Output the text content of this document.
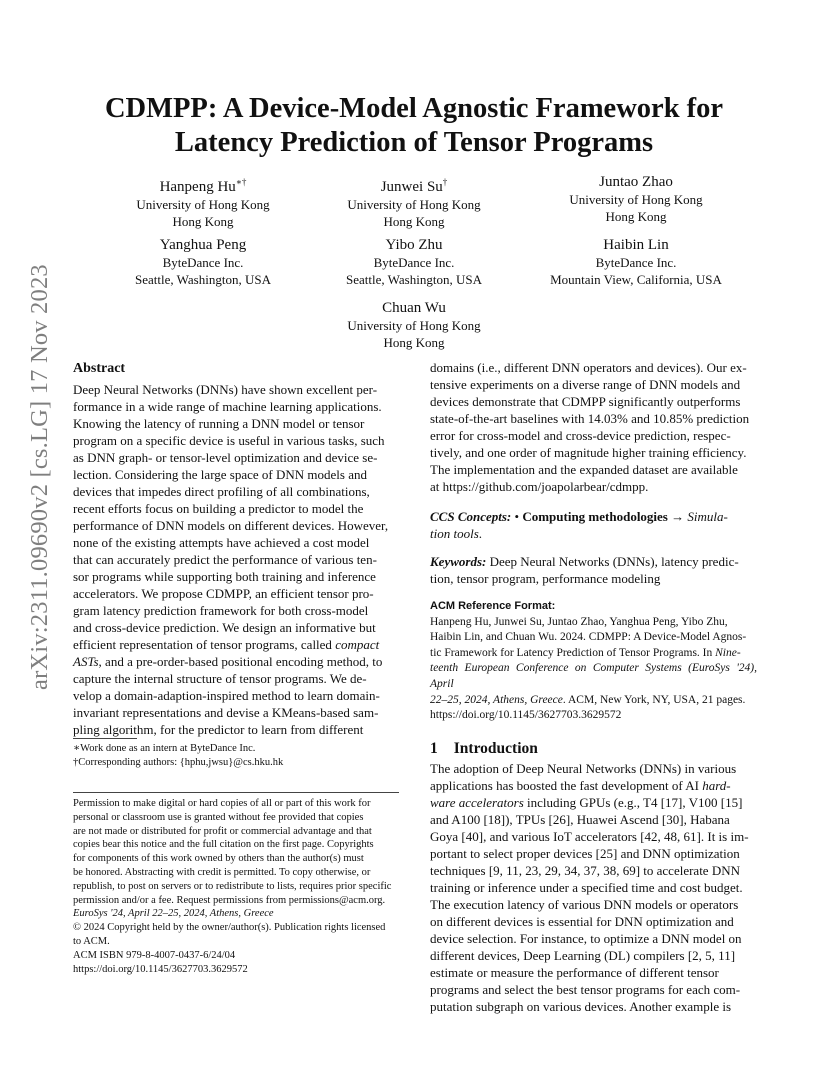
arXiv:2311.09690v2 [cs.LG] 17 Nov 2023
CDMPP: A Device-Model Agnostic Framework for
Latency Prediction of Tensor Programs
Hanpeng Hu∗†
University of Hong Kong
Hong Kong
Junwei Su†
University of Hong Kong
Hong Kong
Juntao Zhao
University of Hong Kong
Hong Kong
Yanghua Peng
ByteDance Inc.
Seattle, Washington, USA
Yibo Zhu
ByteDance Inc.
Seattle, Washington, USA
Haibin Lin
ByteDance Inc.
Mountain View, California, USA
Chuan Wu
University of Hong Kong
Hong Kong
Abstract
Deep Neural Networks (DNNs) have shown excellent per-
formance in a wide range of machine learning applications.
Knowing the latency of running a DNN model or tensor
program on a specific device is useful in various tasks, such
as DNN graph- or tensor-level optimization and device se-
lection. Considering the large space of DNN models and
devices that impedes direct profiling of all combinations,
recent efforts focus on building a predictor to model the
performance of DNN models on different devices. However,
none of the existing attempts have achieved a cost model
that can accurately predict the performance of various ten-
sor programs while supporting both training and inference
accelerators. We propose CDMPP, an efficient tensor pro-
gram latency prediction framework for both cross-model
and cross-device prediction. We design an informative but
efficient representation of tensor programs, called compact
ASTs, and a pre-order-based positional encoding method, to
capture the internal structure of tensor programs. We de-
velop a domain-adaption-inspired method to learn domain-
invariant representations and devise a KMeans-based sam-
pling algorithm, for the predictor to learn from different
∗Work done as an intern at ByteDance Inc.
†Corresponding authors: {hphu,jwsu}@cs.hku.hk
Permission to make digital or hard copies of all or part of this work for
personal or classroom use is granted without fee provided that copies
are not made or distributed for profit or commercial advantage and that
copies bear this notice and the full citation on the first page. Copyrights
for components of this work owned by others than the author(s) must
be honored. Abstracting with credit is permitted. To copy otherwise, or
republish, to post on servers or to redistribute to lists, requires prior specific
permission and/or a fee. Request permissions from permissions@acm.org.
EuroSys '24, April 22–25, 2024, Athens, Greece
© 2024 Copyright held by the owner/author(s). Publication rights licensed
to ACM.
ACM ISBN 979-8-4007-0437-6/24/04
https://doi.org/10.1145/3627703.3629572
domains (i.e., different DNN operators and devices). Our ex-
tensive experiments on a diverse range of DNN models and
devices demonstrate that CDMPP significantly outperforms
state-of-the-art baselines with 14.03% and 10.85% prediction
error for cross-model and cross-device prediction, respec-
tively, and one order of magnitude higher training efficiency.
The implementation and the expanded dataset are available
at https://github.com/joapolarbear/cdmpp.
CCS Concepts: • Computing methodologies → Simula-
tion tools.
Keywords: Deep Neural Networks (DNNs), latency predic-
tion, tensor program, performance modeling
ACM Reference Format:
Hanpeng Hu, Junwei Su, Juntao Zhao, Yanghua Peng, Yibo Zhu,
Haibin Lin, and Chuan Wu. 2024. CDMPP: A Device-Model Agnos-
tic Framework for Latency Prediction of Tensor Programs. In Nine-
teenth European Conference on Computer Systems (EuroSys '24), April
22–25, 2024, Athens, Greece. ACM, New York, NY, USA, 21 pages.
https://doi.org/10.1145/3627703.3629572
1 Introduction
The adoption of Deep Neural Networks (DNNs) in various
applications has boosted the fast development of AI hard-
ware accelerators including GPUs (e.g., T4 [17], V100 [15]
and A100 [18]), TPUs [26], Huawei Ascend [30], Habana
Goya [40], and various IoT accelerators [42, 48, 61]. It is im-
portant to select proper devices [25] and DNN optimization
techniques [9, 11, 23, 29, 34, 37, 38, 69] to accelerate DNN
training or inference under a specified time and cost budget.
The execution latency of various DNN models or operators
on different devices is essential for DNN optimization and
device selection. For instance, to optimize a DNN model on
different devices, Deep Learning (DL) compilers [2, 5, 11]
estimate or measure the performance of different tensor
programs and select the best tensor programs for each com-
putation subgraph on various devices. Another example is
